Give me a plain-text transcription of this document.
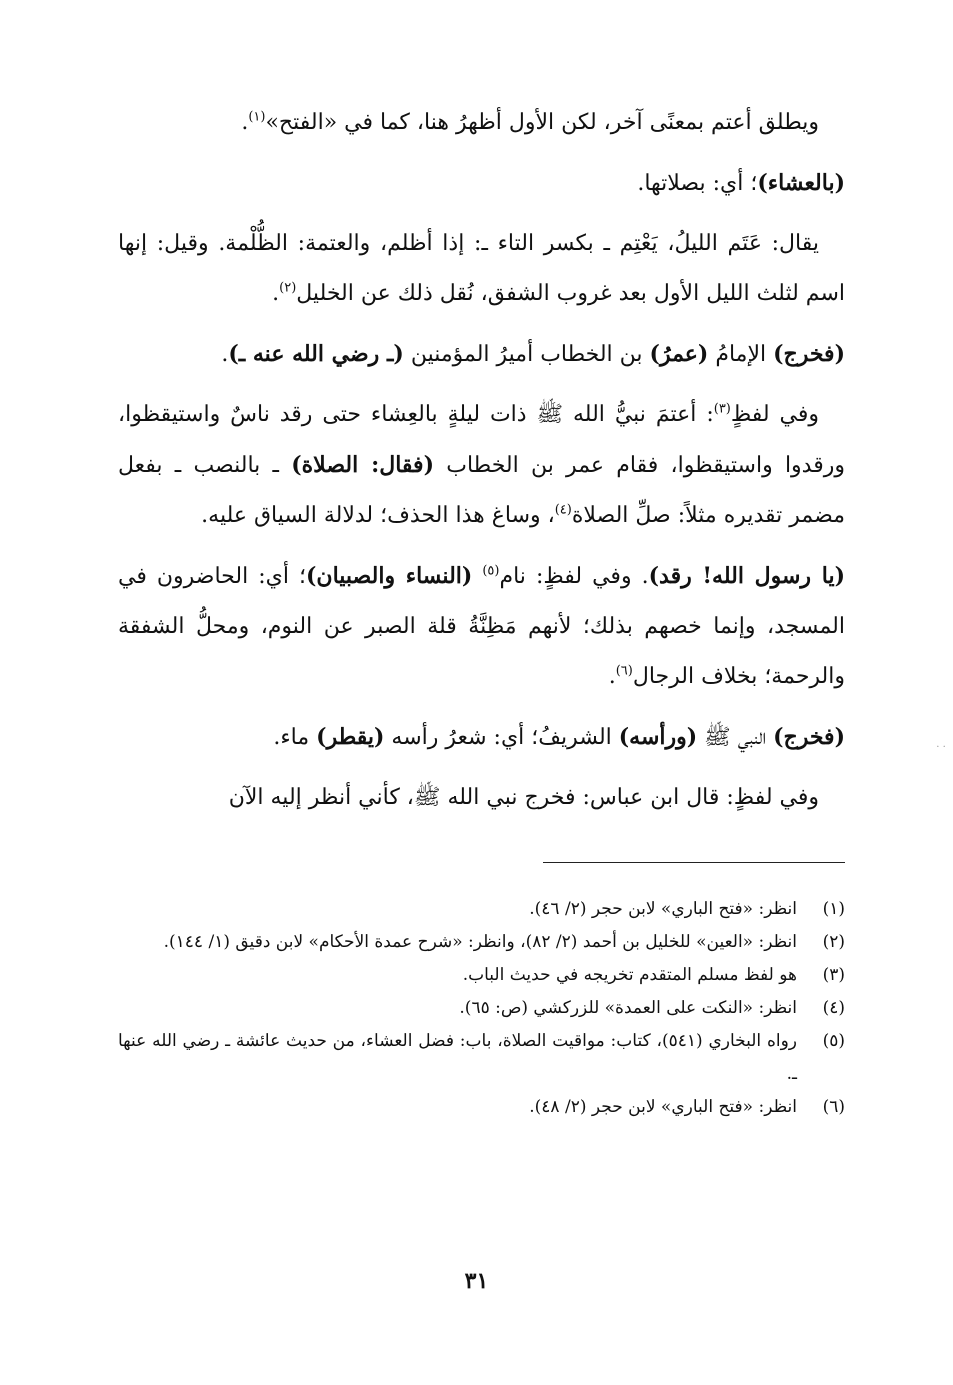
ويطلق أعتم بمعنًى آخر، لكن الأول أظهرُ هنا، كما في «الفتح»$^{(١)}$.

(بالعشاء)؛ أي: بصلاتها.

يقال: عَتَم الليلُ، يَعْتِم ـ بكسر التاء ـ: إذا أظلم، والعتمة: الظُّلْمة. وقيل: إنها اسم لثلث الليل الأول بعد غروب الشفق، نُقل ذلك عن الخليل$^{(٢)}$.

(فخرج) الإمامُ (عمرُ) بن الخطاب أميرُ المؤمنين (ـ رضي الله عنه ـ).

وفي لفظٍ$^{(٣)}$: أعتمَ نبيُّ الله ﷺ ذات ليلةٍ بالعِشاء حتى رقد ناسٌ واستيقظوا، ورقدوا واستيقظوا، فقام عمر بن الخطاب (فقال: الصلاة) ـ بالنصب ـ بفعل مضمر تقديره مثلاً: صلِّ الصلاة$^{(٤)}$، وساغ هذا الحذف؛ لدلالة السياق عليه.

(يا رسول الله! رقد). وفي لفظٍ: نام$^{(٥)}$ (النساء والصبيان)؛ أي: الحاضرون في المسجد، وإنما خصهم بذلك؛ لأنهم مَظِنَّةُ قلة الصبر عن النوم، ومحلُّ الشفقة والرحمة؛ بخلاف الرجال$^{(٦)}$.

(فخرج) النبي ﷺ (ورأسه) الشريفُ؛ أي: شعرُ رأسه (يقطر) ماء.

وفي لفظٍ: قال ابن عباس: فخرج نبي الله ﷺ، كأني أنظر إليه الآن

(١)
انظر: «فتح الباري» لابن حجر (٢/ ٤٦).
(٢)
انظر: «العين» للخليل بن أحمد (٢/ ٨٢)، وانظر: «شرح عمدة الأحكام» لابن دقيق (١/ ١٤٤).
(٣)
هو لفظ مسلم المتقدم تخريجه في حديث الباب.
(٤)
انظر: «النكت على العمدة» للزركشي (ص: ٦٥).
(٥)
رواه البخاري (٥٤١)، كتاب: مواقيت الصلاة، باب: فضل العشاء، من حديث عائشة ـ رضي الله عنها ـ.
(٦)
انظر: «فتح الباري» لابن حجر (٢/ ٤٨).
٣١
. .
